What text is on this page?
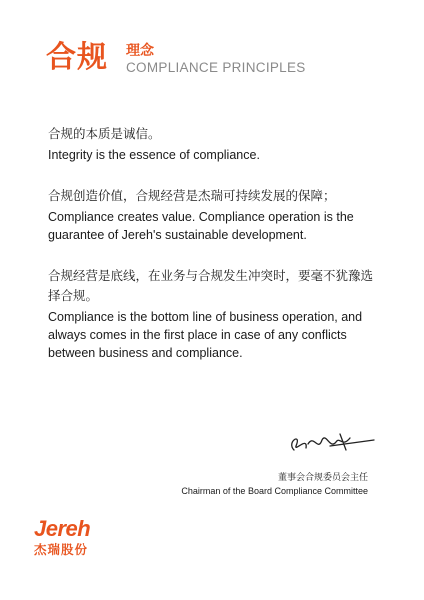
合规 理念
COMPLIANCE PRINCIPLES

合规的本质是诚信。

Integrity is the essence of compliance.

合规创造价值，合规经营是杰瑞可持续发展的保障；

Compliance creates value. Compliance operation is the guarantee of Jereh's sustainable development.

合规经营是底线，在业务与合规发生冲突时，要毫不犹豫选择合规。

Compliance is the bottom line of business operation, and always comes in the first place in case of any conflicts between business and compliance.

董事会合规委员会主任
Chairman of the Board Compliance Committee
Jereh
杰瑞股份
